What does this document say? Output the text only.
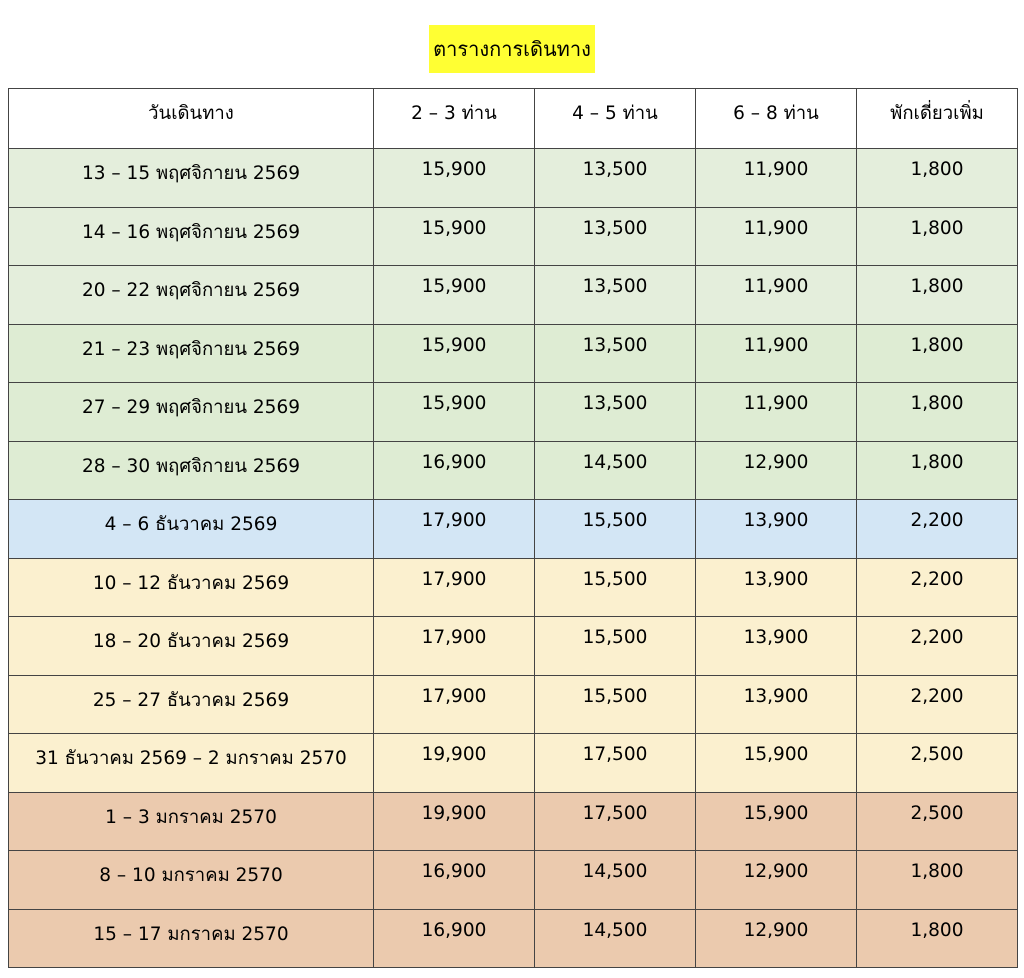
ตารางการเดินทาง
วันเดินทาง	2 – 3 ท่าน	4 – 5 ท่าน	6 – 8 ท่าน	พักเดี่ยวเพิ่ม
13 – 15 พฤศจิกายน 2569	15,900	13,500	11,900	1,800
14 – 16 พฤศจิกายน 2569	15,900	13,500	11,900	1,800
20 – 22 พฤศจิกายน 2569	15,900	13,500	11,900	1,800
21 – 23 พฤศจิกายน 2569	15,900	13,500	11,900	1,800
27 – 29 พฤศจิกายน 2569	15,900	13,500	11,900	1,800
28 – 30 พฤศจิกายน 2569	16,900	14,500	12,900	1,800
4 – 6 ธันวาคม 2569	17,900	15,500	13,900	2,200
10 – 12 ธันวาคม 2569	17,900	15,500	13,900	2,200
18 – 20 ธันวาคม 2569	17,900	15,500	13,900	2,200
25 – 27 ธันวาคม 2569	17,900	15,500	13,900	2,200
31 ธันวาคม 2569 – 2 มกราคม 2570	19,900	17,500	15,900	2,500
1 – 3 มกราคม 2570	19,900	17,500	15,900	2,500
8 – 10 มกราคม 2570	16,900	14,500	12,900	1,800
15 – 17 มกราคม 2570	16,900	14,500	12,900	1,800
